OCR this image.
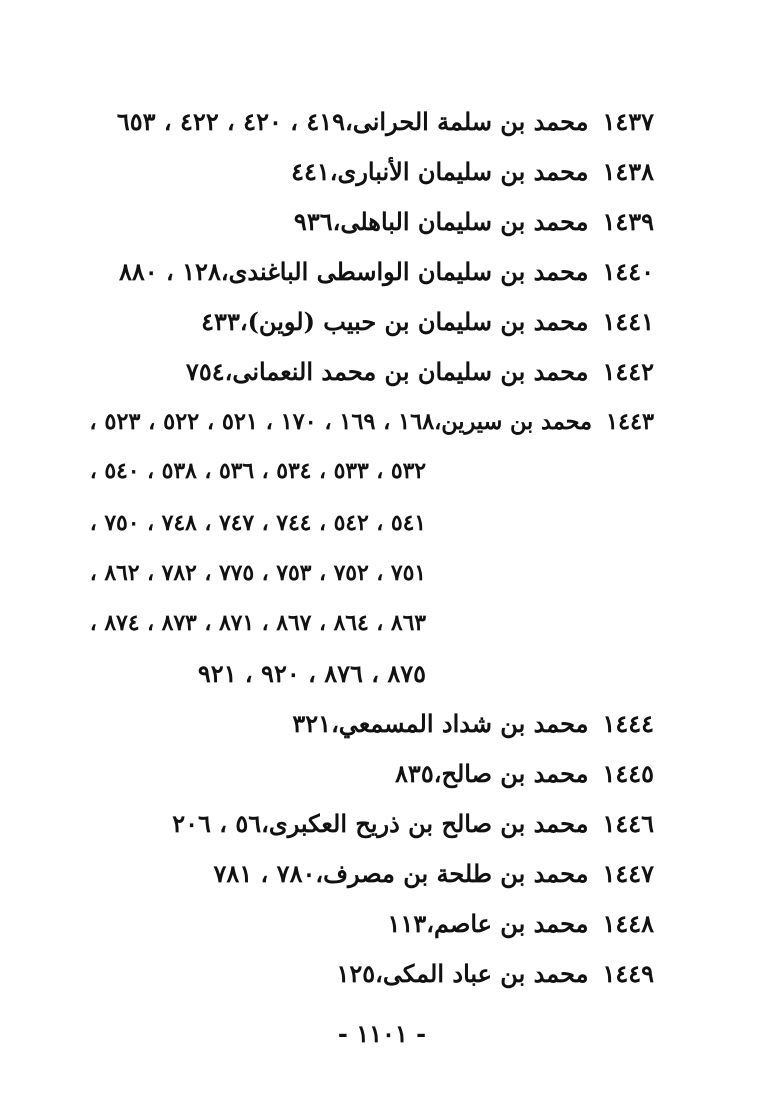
١٤٣٧محمد بن سلمة الحرانى،٤١٩ ، ٤٢٠ ، ٤٢٢ ، ٦٥٣
١٤٣٨محمد بن سليمان الأنبارى،٤٤١
١٤٣٩محمد بن سليمان الباهلى،٩٣٦
١٤٤٠محمد بن سليمان الواسطى الباغندى،١٢٨ ، ٨٨٠
١٤٤١محمد بن سليمان بن حبيب (لوين)،٤٣٣
١٤٤٢محمد بن سليمان بن محمد النعمانى،٧٥٤
١٤٤٣محمد بن سيرين،١٦٨ ، ١٦٩ ، ١٧٠ ، ٥٢١ ، ٥٢٢ ، ٥٢٣ ،
٥٣٢ ، ٥٣٣ ، ٥٣٤ ، ٥٣٦ ، ٥٣٨ ، ٥٤٠ ،
٥٤١ ، ٥٤٢ ، ٧٤٤ ، ٧٤٧ ، ٧٤٨ ، ٧٥٠ ،
٧٥١ ، ٧٥٢ ، ٧٥٣ ، ٧٧٥ ، ٧٨٢ ، ٨٦٢ ،
٨٦٣ ، ٨٦٤ ، ٨٦٧ ، ٨٧١ ، ٨٧٣ ، ٨٧٤ ،
٨٧٥ ، ٨٧٦ ، ٩٢٠ ، ٩٢١
١٤٤٤محمد بن شداد المسمعي،٣٢١
١٤٤٥محمد بن صالح،٨٣٥
١٤٤٦محمد بن صالح بن ذريح العكبرى،٥٦ ، ٢٠٦
١٤٤٧محمد بن طلحة بن مصرف،٧٨٠ ، ٧٨١
١٤٤٨محمد بن عاصم،١١٣
١٤٤٩محمد بن عباد المكى،١٢٥
- ١١٠١ -
